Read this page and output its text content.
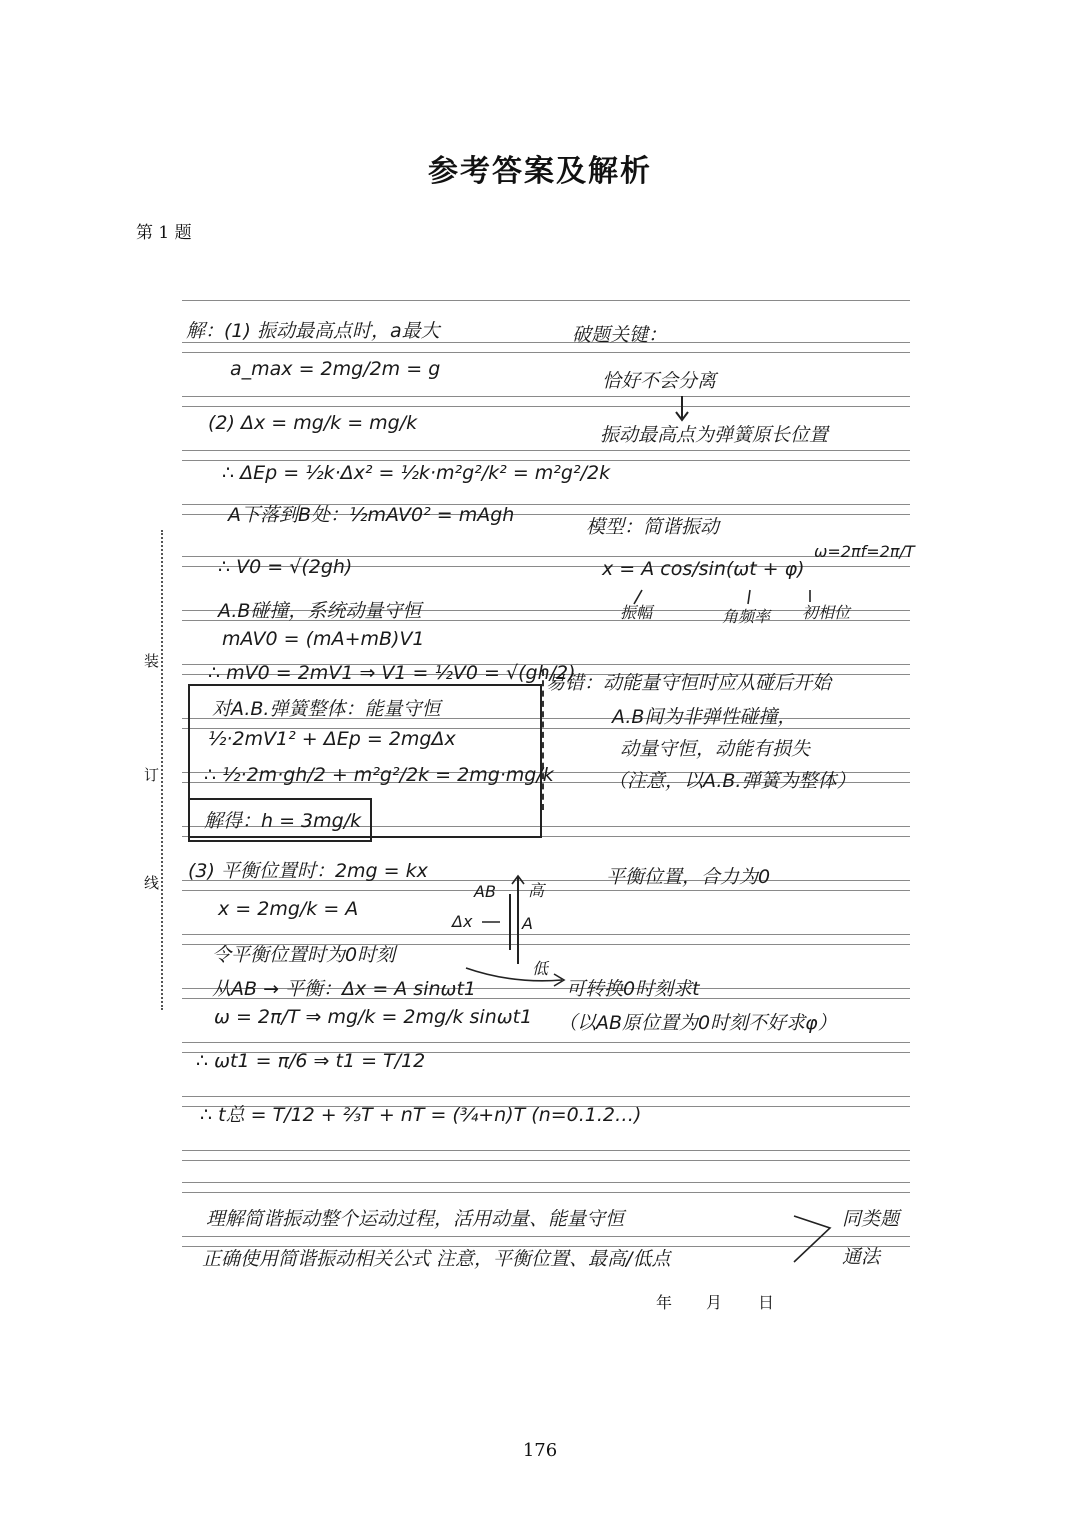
参考答案及解析
第 1 题
装
订
线
解：(1) 振动最高点时，a最大
a_max = 2mg/2m = g
(2) Δx = mg/k = mg/k
∴ ΔEp = ½k·Δx² = ½k·m²g²/k² = m²g²/2k
A下落到B处：½mAV0² = mAgh
∴ V0 = √(2gh)
A.B碰撞，系统动量守恒
mAV0 = (mA+mB)V1
∴ mV0 = 2mV1 ⇒ V1 = ½V0 = √(gh/2)
对A.B.弹簧整体：能量守恒
½·2mV1² + ΔEp = 2mgΔx
∴ ½·2m·gh/2 + m²g²/2k = 2mg·mg/k
解得：h = 3mg/k
(3) 平衡位置时：2mg = kx
x = 2mg/k = A
令平衡位置时为0时刻
从AB → 平衡：Δx = A sinωt1
ω = 2π/T ⇒ mg/k = 2mg/k sinωt1
∴ ωt1 = π/6 ⇒ t1 = T/12
∴ t总 = T/12 + ⅔T + nT = (¾+n)T (n=0.1.2…)
破题关键：
恰好不会分离
振动最高点为弹簧原长位置
模型：简谐振动
x = A cos/sin(ωt + φ)
ω=2πf=2π/T
振幅	角频率 初相位
易错：动能量守恒时应从碰后开始
A.B间为非弹性碰撞，
动量守恒，动能有损失
（注意，以A.B.弹簧为整体）
平衡位置，合力为0
可转换0时刻求t
（以AB原位置为0时刻不好求φ）
AB
Δx
高
低
A
理解简谐振动整个运动过程，活用动量、能量守恒	同类题
正确使用简谐振动相关公式 注意，平衡位置、最高/低点	通法
年 月 日
176
